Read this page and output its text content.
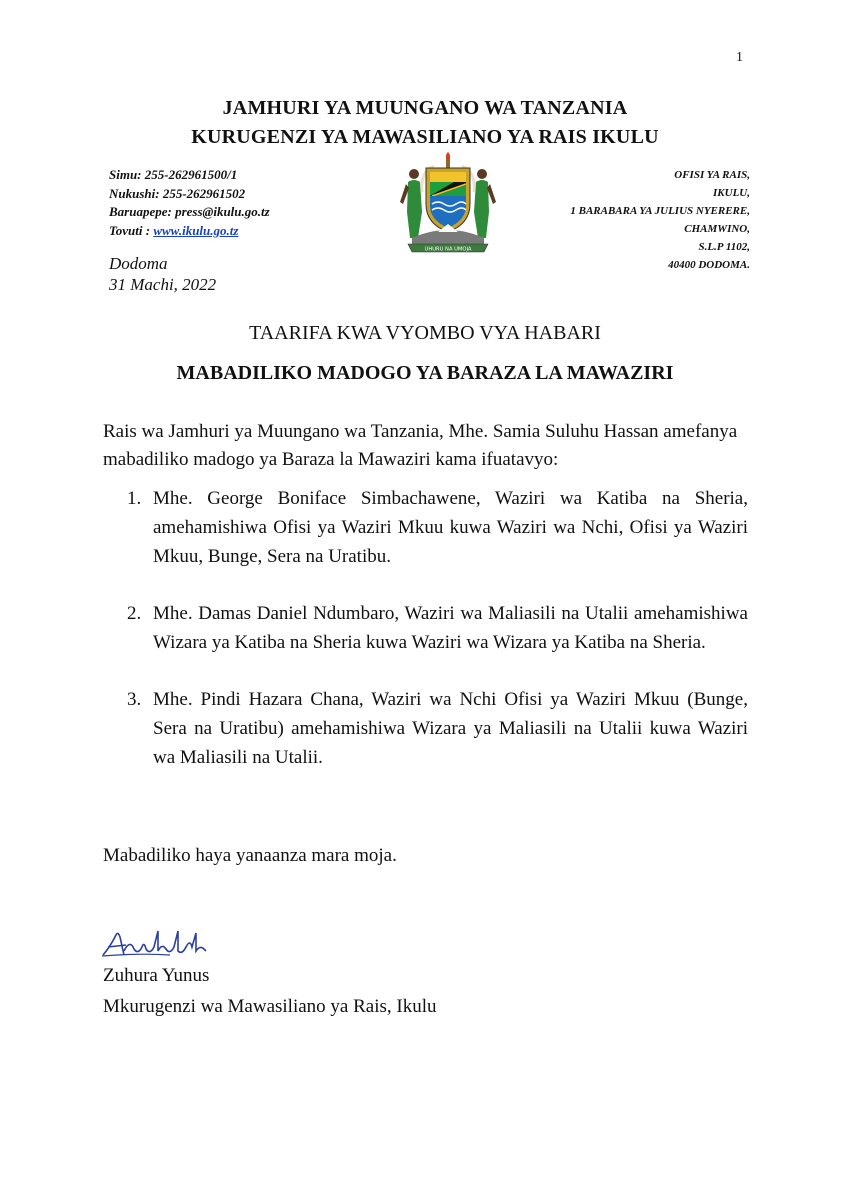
1
JAMHURI YA MUUNGANO WA TANZANIA
KURUGENZI YA MAWASILIANO YA RAIS IKULU
Simu: 255-262961500/1
Nukushi: 255-262961502
Baruapepe: press@ikulu.go.tz
Tovuti : www.ikulu.go.tz
UHURU NA UMOJA
OFISI YA RAIS,
IKULU,
1 BARABARA YA JULIUS NYERERE,
CHAMWINO,
S.L.P 1102,
40400 DODOMA.
Dodoma
31 Machi, 2022
TAARIFA KWA VYOMBO VYA HABARI
MABADILIKO MADOGO YA BARAZA LA MAWAZIRI
Rais wa Jamhuri ya Muungano wa Tanzania, Mhe. Samia Suluhu Hassan amefanya mabadiliko madogo ya Baraza la Mawaziri kama ifuatavyo:
1. Mhe. George Boniface Simbachawene, Waziri wa Katiba na Sheria, amehamishiwa Ofisi ya Waziri Mkuu kuwa Waziri wa Nchi, Ofisi ya Waziri Mkuu, Bunge, Sera na Uratibu.
2. Mhe. Damas Daniel Ndumbaro, Waziri wa Maliasili na Utalii amehamishiwa Wizara ya Katiba na Sheria kuwa Waziri wa Wizara ya Katiba na Sheria.
3. Mhe. Pindi Hazara Chana, Waziri wa Nchi Ofisi ya Waziri Mkuu (Bunge, Sera na Uratibu) amehamishiwa Wizara ya Maliasili na Utalii kuwa Waziri wa Maliasili na Utalii.
Mabadiliko haya yanaanza mara moja.
Zuhura Yunus
Mkurugenzi wa Mawasiliano ya Rais, Ikulu
